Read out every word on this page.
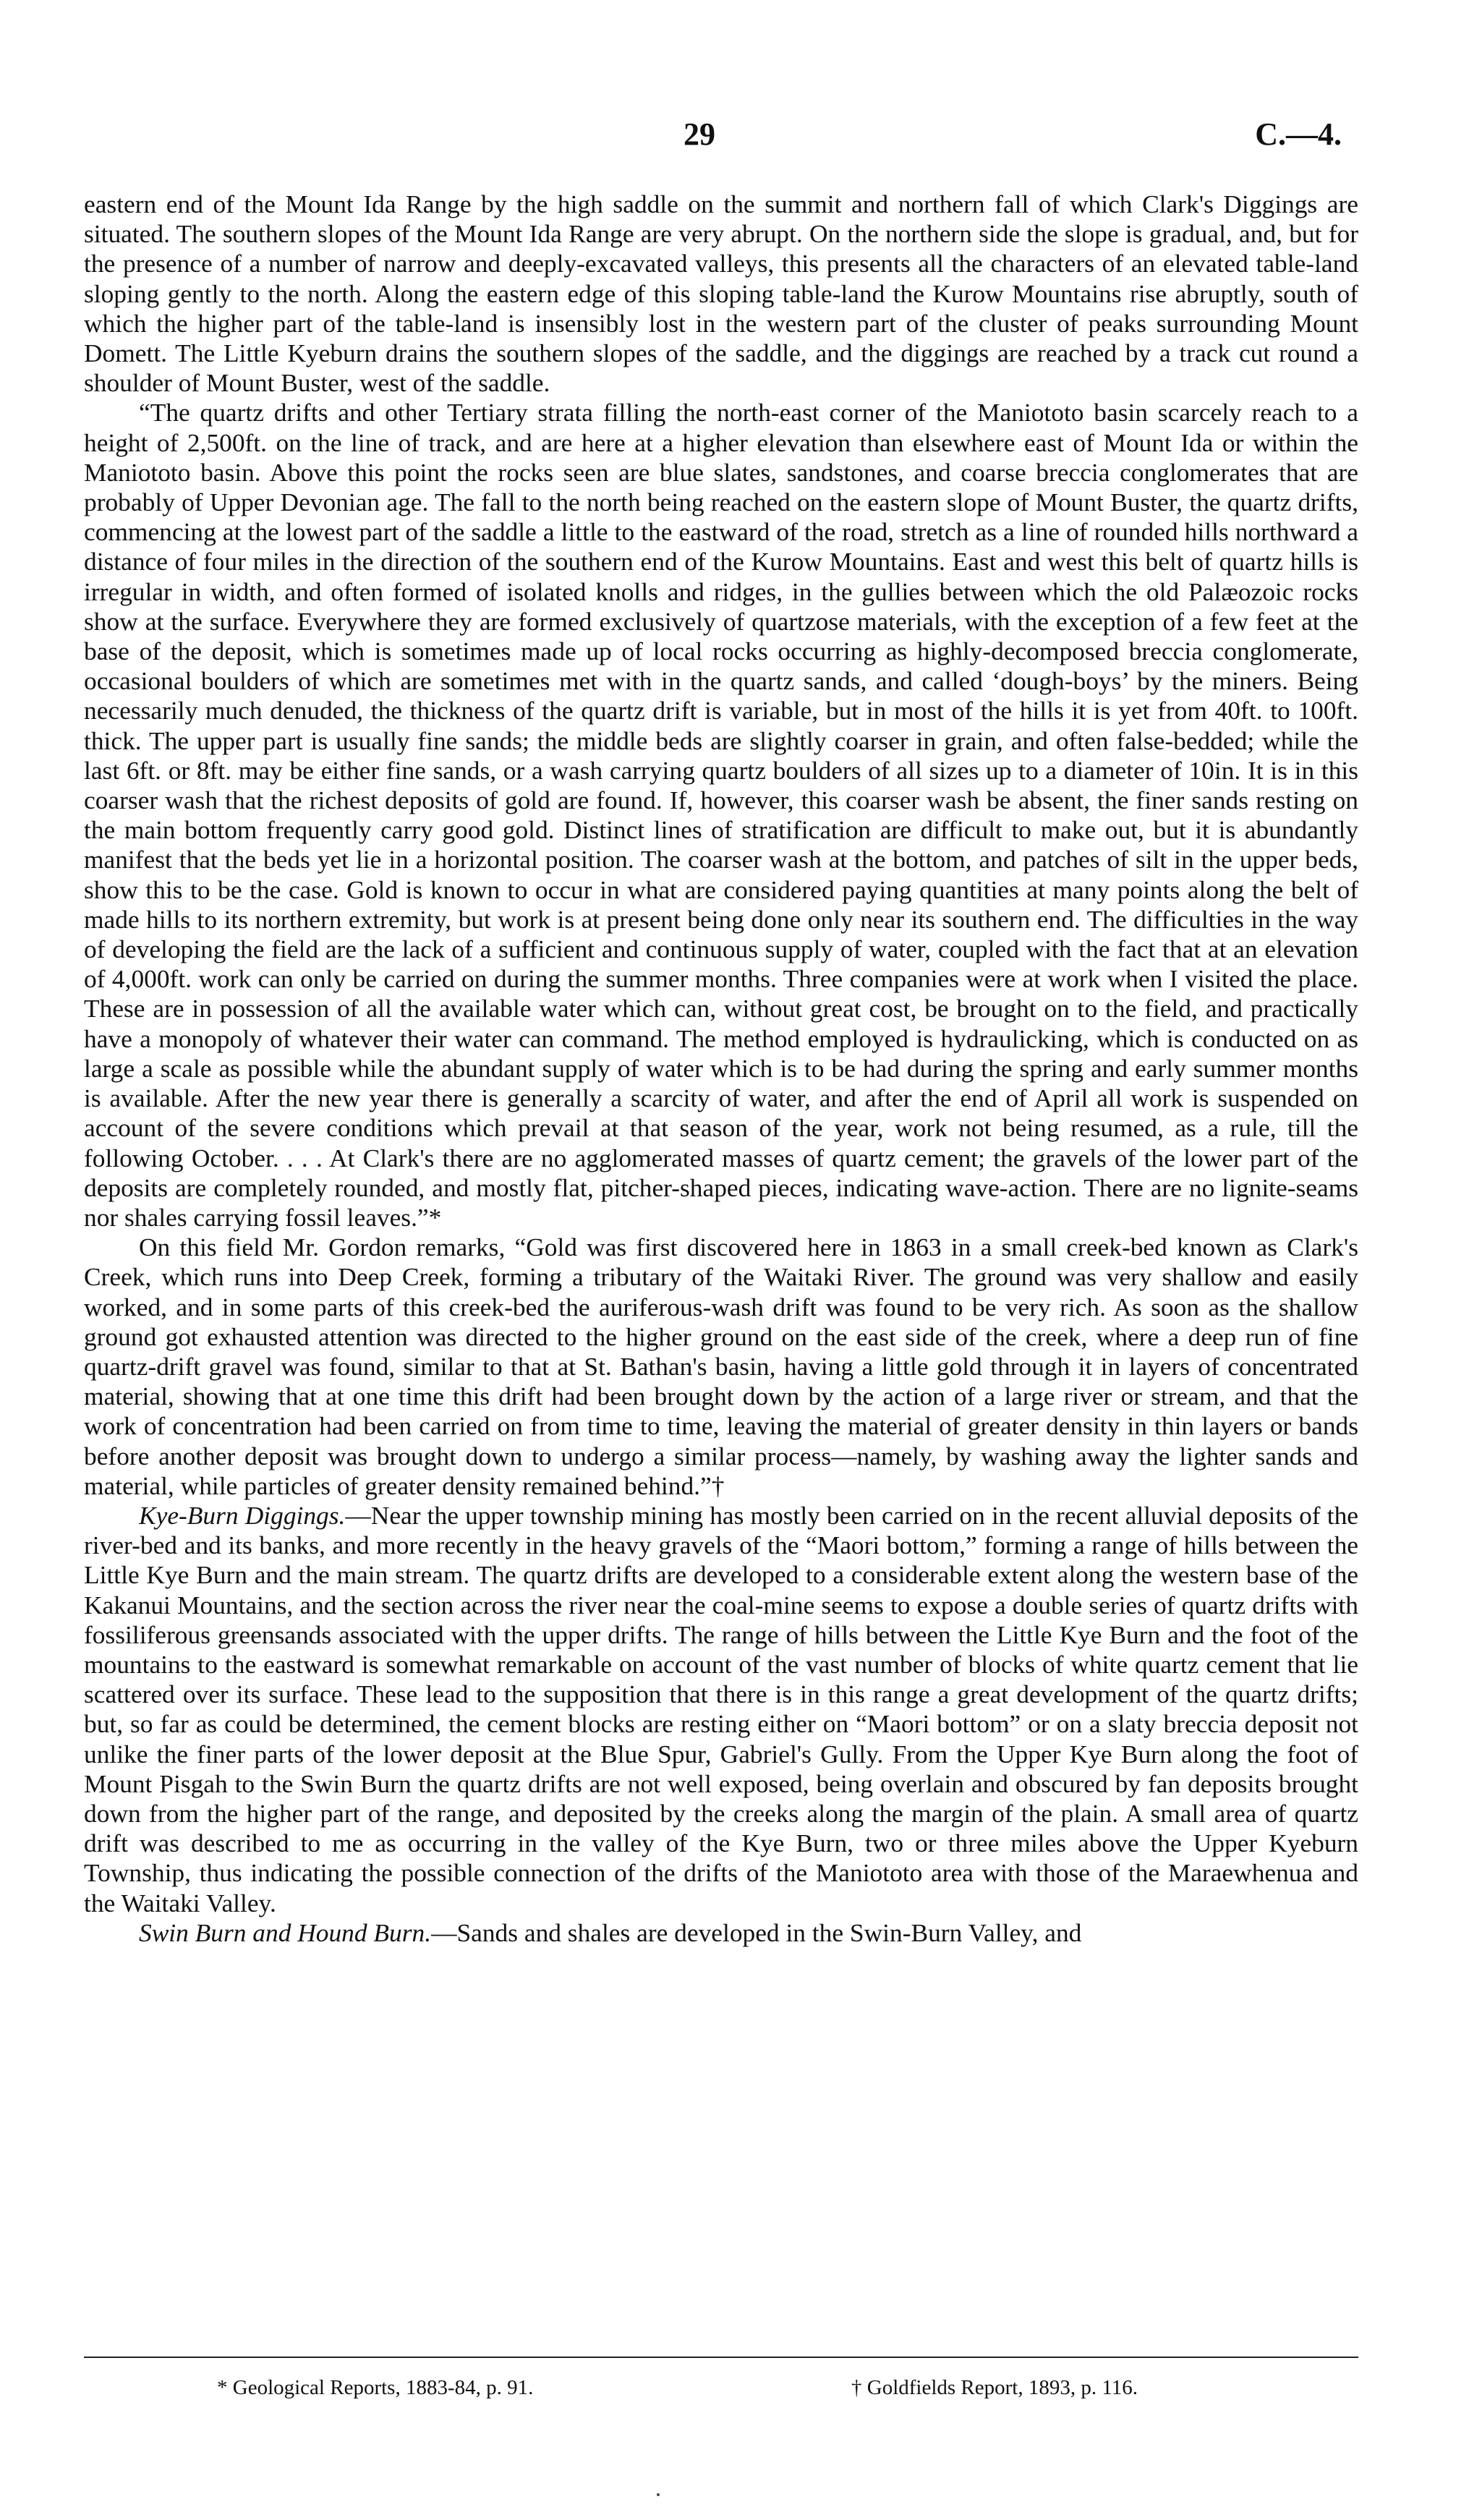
29	C.—4.

eastern end of the Mount Ida Range by the high saddle on the summit and northern fall of which Clark's Diggings are situated. The southern slopes of the Mount Ida Range are very abrupt. On the northern side the slope is gradual, and, but for the presence of a number of narrow and deeply-excavated valleys, this presents all the characters of an elevated table-land sloping gently to the north. Along the eastern edge of this sloping table-land the Kurow Mountains rise abruptly, south of which the higher part of the table-land is insensibly lost in the western part of the cluster of peaks surrounding Mount Domett. The Little Kyeburn drains the southern slopes of the saddle, and the diggings are reached by a track cut round a shoulder of Mount Buster, west of the saddle.

“The quartz drifts and other Tertiary strata filling the north-east corner of the Maniototo basin scarcely reach to a height of 2,500ft. on the line of track, and are here at a higher elevation than elsewhere east of Mount Ida or within the Maniototo basin. Above this point the rocks seen are blue slates, sandstones, and coarse breccia conglomerates that are probably of Upper Devonian age. The fall to the north being reached on the eastern slope of Mount Buster, the quartz drifts, commencing at the lowest part of the saddle a little to the eastward of the road, stretch as a line of rounded hills northward a distance of four miles in the direction of the southern end of the Kurow Mountains. East and west this belt of quartz hills is irregular in width, and often formed of isolated knolls and ridges, in the gullies between which the old Palæozoic rocks show at the surface. Everywhere they are formed exclusively of quartzose materials, with the exception of a few feet at the base of the deposit, which is sometimes made up of local rocks occurring as highly-decomposed breccia conglomerate, occasional boulders of which are sometimes met with in the quartz sands, and called ‘dough-boys’ by the miners. Being necessarily much denuded, the thickness of the quartz drift is variable, but in most of the hills it is yet from 40ft. to 100ft. thick. The upper part is usually fine sands; the middle beds are slightly coarser in grain, and often false-bedded; while the last 6ft. or 8ft. may be either fine sands, or a wash carrying quartz boulders of all sizes up to a diameter of 10in. It is in this coarser wash that the richest deposits of gold are found. If, however, this coarser wash be absent, the finer sands resting on the main bottom frequently carry good gold. Distinct lines of stratification are difficult to make out, but it is abundantly manifest that the beds yet lie in a horizontal position. The coarser wash at the bottom, and patches of silt in the upper beds, show this to be the case. Gold is known to occur in what are considered paying quantities at many points along the belt of made hills to its northern extremity, but work is at present being done only near its southern end. The difficulties in the way of developing the field are the lack of a sufficient and continuous supply of water, coupled with the fact that at an elevation of 4,000ft. work can only be carried on during the summer months. Three companies were at work when I visited the place. These are in possession of all the available water which can, without great cost, be brought on to the field, and practically have a monopoly of whatever their water can command. The method employed is hydraulicking, which is conducted on as large a scale as possible while the abundant supply of water which is to be had during the spring and early summer months is available. After the new year there is generally a scarcity of water, and after the end of April all work is suspended on account of the severe conditions which prevail at that season of the year, work not being resumed, as a rule, till the following October. . . . At Clark's there are no agglomerated masses of quartz cement; the gravels of the lower part of the deposits are completely rounded, and mostly flat, pitcher-shaped pieces, indicating wave-action. There are no lignite-seams nor shales carrying fossil leaves.”*

On this field Mr. Gordon remarks, “Gold was first discovered here in 1863 in a small creek-bed known as Clark's Creek, which runs into Deep Creek, forming a tributary of the Waitaki River. The ground was very shallow and easily worked, and in some parts of this creek-bed the auriferous-wash drift was found to be very rich. As soon as the shallow ground got exhausted attention was directed to the higher ground on the east side of the creek, where a deep run of fine quartz-drift gravel was found, similar to that at St. Bathan's basin, having a little gold through it in layers of concentrated material, showing that at one time this drift had been brought down by the action of a large river or stream, and that the work of concentration had been carried on from time to time, leaving the material of greater density in thin layers or bands before another deposit was brought down to undergo a similar process—namely, by washing away the lighter sands and material, while particles of greater density remained behind.”†

Kye-Burn Diggings.—Near the upper township mining has mostly been carried on in the recent alluvial deposits of the river-bed and its banks, and more recently in the heavy gravels of the “Maori bottom,” forming a range of hills between the Little Kye Burn and the main stream. The quartz drifts are developed to a considerable extent along the western base of the Kakanui Mountains, and the section across the river near the coal-mine seems to expose a double series of quartz drifts with fossiliferous greensands associated with the upper drifts. The range of hills between the Little Kye Burn and the foot of the mountains to the eastward is somewhat remarkable on account of the vast number of blocks of white quartz cement that lie scattered over its surface. These lead to the supposition that there is in this range a great development of the quartz drifts; but, so far as could be determined, the cement blocks are resting either on “Maori bottom” or on a slaty breccia deposit not unlike the finer parts of the lower deposit at the Blue Spur, Gabriel's Gully. From the Upper Kye Burn along the foot of Mount Pisgah to the Swin Burn the quartz drifts are not well exposed, being overlain and obscured by fan deposits brought down from the higher part of the range, and deposited by the creeks along the margin of the plain. A small area of quartz drift was described to me as occurring in the valley of the Kye Burn, two or three miles above the Upper Kyeburn Township, thus indicating the possible connection of the drifts of the Maniototo area with those of the Maraewhenua and the Waitaki Valley.

Swin Burn and Hound Burn.—Sands and shales are developed in the Swin-Burn Valley, and

* Geological Reports, 1883-84, p. 91.	† Goldfields Report, 1893, p. 116.
